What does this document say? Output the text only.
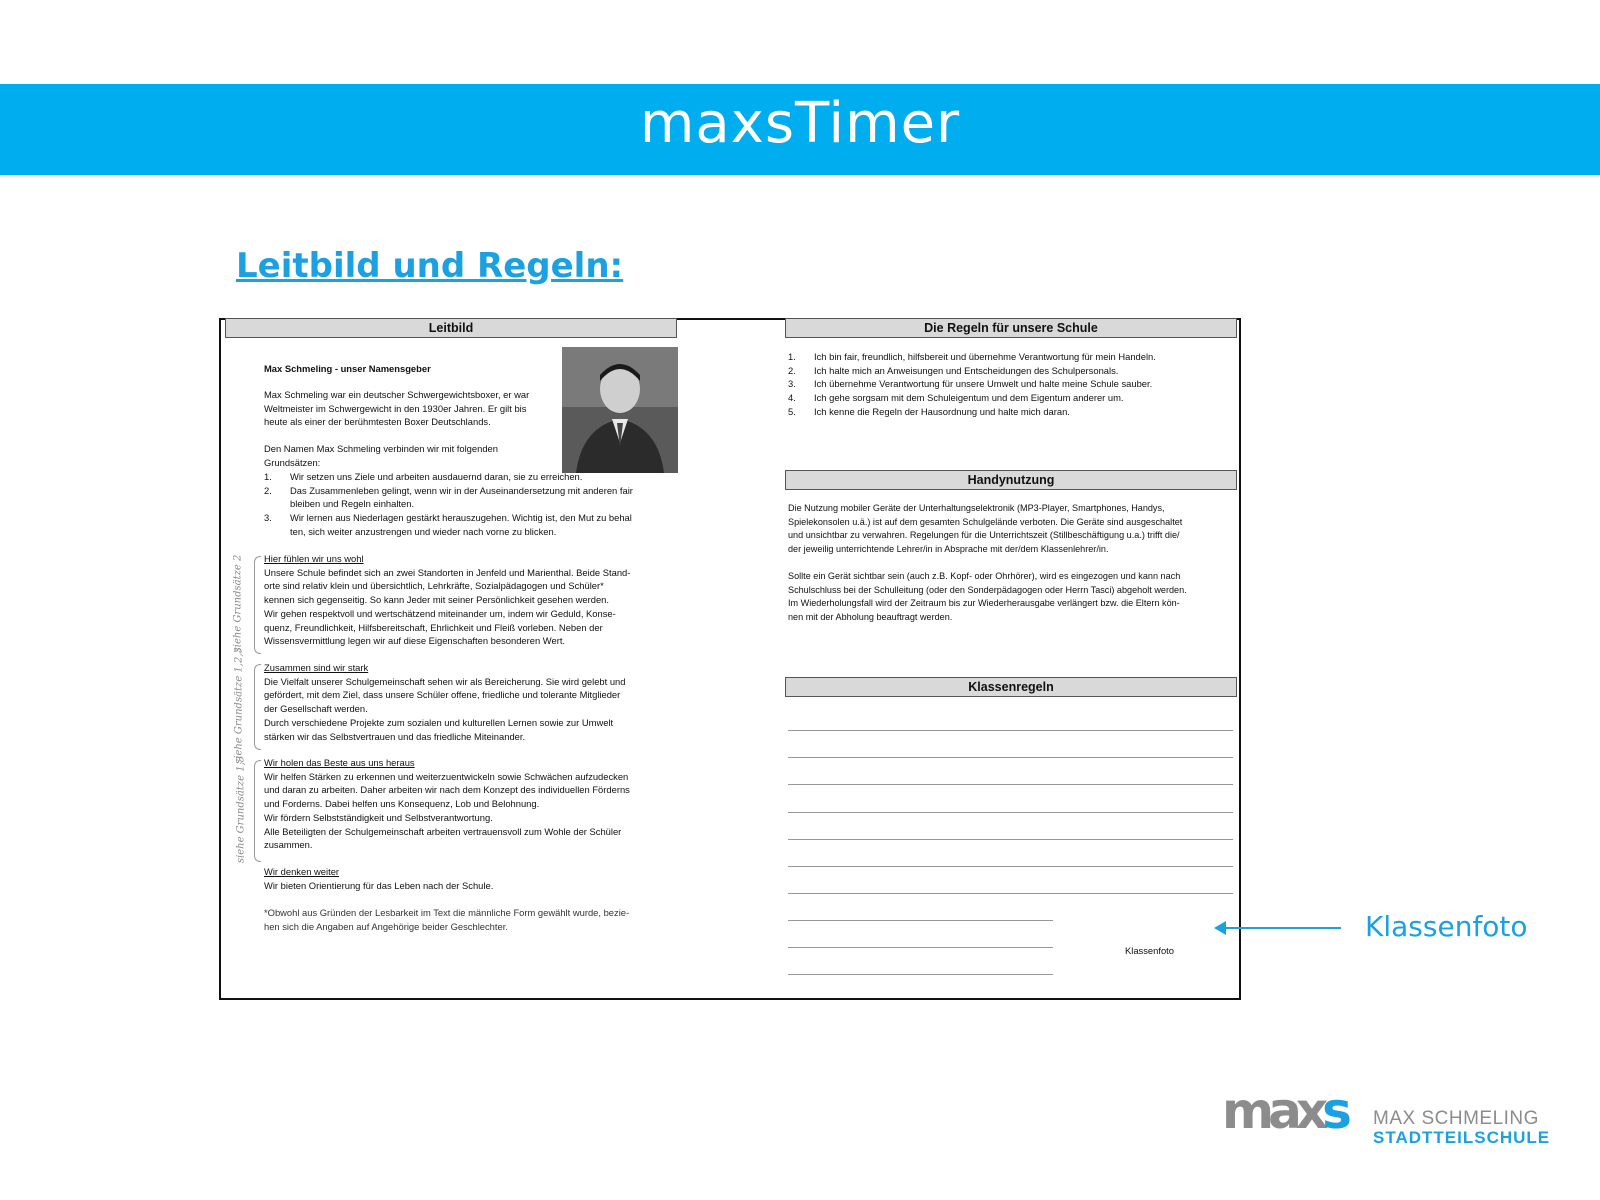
maxsTimer
Leitbild und Regeln:
Leitbild
Max Schmeling - unser Namensgeber
Max Schmeling war ein deutscher Schwergewichtsboxer, er war
Weltmeister im Schwergewicht in den 1930er Jahren. Er gilt bis
heute als einer der berühmtesten Boxer Deutschlands.
Den Namen Max Schmeling verbinden wir mit folgenden
Grundsätzen:
1. Wir setzen uns Ziele und arbeiten ausdauernd daran, sie zu erreichen.
2. Das Zusammenleben gelingt, wenn wir in der Auseinandersetzung mit anderen fair
bleiben und Regeln einhalten.
3. Wir lernen aus Niederlagen gestärkt herauszugehen. Wichtig ist, den Mut zu behal
ten, sich weiter anzustrengen und wieder nach vorne zu blicken.
siehe Grundsätze 2
siehe Grundsätze 1,2,3
siehe Grundsätze 1,3
Hier fühlen wir uns wohl
Unsere Schule befindet sich an zwei Standorten in Jenfeld und Marienthal. Beide Stand-
orte sind relativ klein und übersichtlich, Lehrkräfte, Sozialpädagogen und Schüler*
kennen sich gegenseitig. So kann Jeder mit seiner Persönlichkeit gesehen werden.
Wir gehen respektvoll und wertschätzend miteinander um, indem wir Geduld, Konse-
quenz, Freundlichkeit, Hilfsbereitschaft, Ehrlichkeit und Fleiß vorleben. Neben der
Wissensvermittlung legen wir auf diese Eigenschaften besonderen Wert.
Zusammen sind wir stark
Die Vielfalt unserer Schulgemeinschaft sehen wir als Bereicherung. Sie wird gelebt und
gefördert, mit dem Ziel, dass unsere Schüler offene, friedliche und tolerante Mitglieder
der Gesellschaft werden.
Durch verschiedene Projekte zum sozialen und kulturellen Lernen sowie zur Umwelt
stärken wir das Selbstvertrauen und das friedliche Miteinander.
Wir holen das Beste aus uns heraus
Wir helfen Stärken zu erkennen und weiterzuentwickeln sowie Schwächen aufzudecken
und daran zu arbeiten. Daher arbeiten wir nach dem Konzept des individuellen Förderns
und Forderns. Dabei helfen uns Konsequenz, Lob und Belohnung.
Wir fördern Selbstständigkeit und Selbstverantwortung.
Alle Beteiligten der Schulgemeinschaft arbeiten vertrauensvoll zum Wohle der Schüler
zusammen.
Wir denken weiter
Wir bieten Orientierung für das Leben nach der Schule.
*Obwohl aus Gründen der Lesbarkeit im Text die männliche Form gewählt wurde, bezie-
hen sich die Angaben auf Angehörige beider Geschlechter.
Die Regeln für unsere Schule
1. Ich bin fair, freundlich, hilfsbereit und übernehme Verantwortung für mein Handeln.
2. Ich halte mich an Anweisungen und Entscheidungen des Schulpersonals.
3. Ich übernehme Verantwortung für unsere Umwelt und halte meine Schule sauber.
4. Ich gehe sorgsam mit dem Schuleigentum und dem Eigentum anderer um.
5. Ich kenne die Regeln der Hausordnung und halte mich daran.
Handynutzung
Die Nutzung mobiler Geräte der Unterhaltungselektronik (MP3-Player, Smartphones, Handys,
Spielekonsolen u.ä.) ist auf dem gesamten Schulgelände verboten. Die Geräte sind ausgeschaltet
und unsichtbar zu verwahren. Regelungen für die Unterrichtszeit (Stillbeschäftigung u.a.) trifft die/
der jeweilig unterrichtende Lehrer/in in Absprache mit der/dem Klassenlehrer/in.
Sollte ein Gerät sichtbar sein (auch z.B. Kopf- oder Ohrhörer), wird es eingezogen und kann nach
Schulschluss bei der Schulleitung (oder den Sonderpädagogen oder Herrn Tasci) abgeholt werden.
Im Wiederholungsfall wird der Zeitraum bis zur Wiederherausgabe verlängert bzw. die Eltern kön-
nen mit der Abholung beauftragt werden.
Klassenregeln
Klassenfoto
Klassenfoto
maxs MAX SCHMELING
STADTTEILSCHULE
